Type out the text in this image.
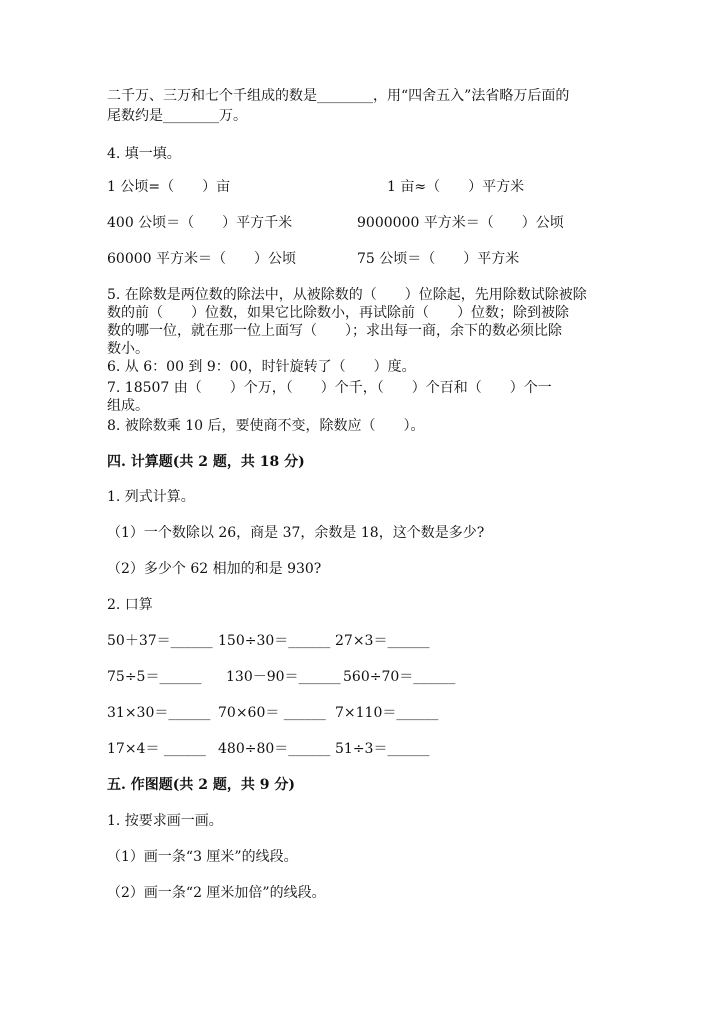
二千万、三万和七个千组成的数是________，用“四舍五入”法省略万后面的
尾数约是________万。
4. 填一填。
1 公顷=（　　）亩	1 亩≈（　　）平方米
400 公顷＝（　　）平方千米	9000000 平方米＝（　　）公顷
60000 平方米＝（　　）公顷	75 公顷＝（　　）平方米
5. 在除数是两位数的除法中，从被除数的（　　）位除起，先用除数试除被除
数的前（　　）位数，如果它比除数小，再试除前（　　）位数；除到被除
数的哪一位，就在那一位上面写（　　）；求出每一商，余下的数必须比除
数小。
6. 从 6：00 到 9：00，时针旋转了（　　）度。
7. 18507 由（　　）个万，（　　）个千，（　　）个百和（　　）个一
组成。
8. 被除数乘 10 后，要使商不变，除数应（　　）。
四. 计算题(共 2 题，共 18 分)
1. 列式计算。
（1）一个数除以 26，商是 37，余数是 18，这个数是多少?
（2）多少个 62 相加的和是 930?
2. 口算
50＋37＝______ 150÷30＝______ 27×3＝______
75÷5＝______ 130－90＝______ 560÷70＝______
31×30＝______ 70×60＝ ______ 7×110＝______
17×4＝ ______ 480÷80＝______ 51÷3＝______
五. 作图题(共 2 题，共 9 分)
1. 按要求画一画。
（1）画一条“3 厘米”的线段。
（2）画一条“2 厘米加倍”的线段。
